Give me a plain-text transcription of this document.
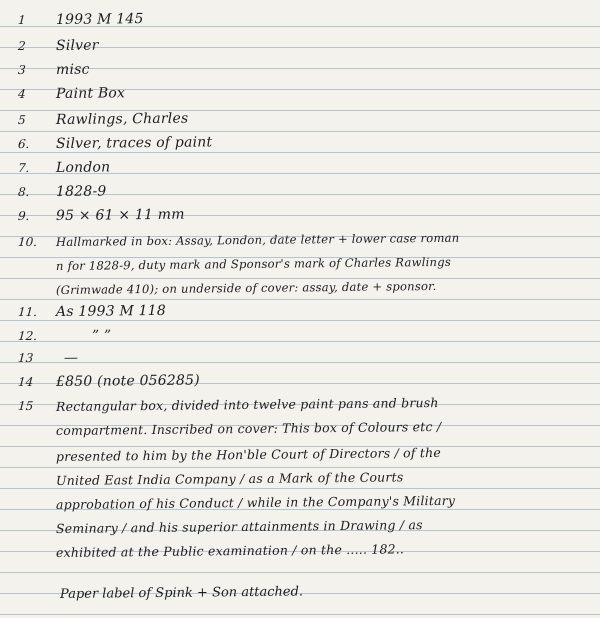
1	1993 M 145
2	Silver
3	misc
4	Paint Box
5	Rawlings, Charles
6.	Silver, traces of paint
7.	London
8.	1828-9
9.	95 × 61 × 11 mm
10.	Hallmarked in box: Assay, London, date letter + lower case roman
n for 1828-9, duty mark and Sponsor's mark of Charles Rawlings
(Grimwade 410); on underside of cover: assay, date + sponsor.
11.	As 1993 M 118
12.	” ”
13	—
14	£850 (note 056285)
15	Rectangular box, divided into twelve paint pans and brush
compartment. Inscribed on cover: This box of Colours etc /
presented to him by the Hon'ble Court of Directors / of the
United East India Company / as a Mark of the Courts
approbation of his Conduct / while in the Company's Military
Seminary / and his superior attainments in Drawing / as
exhibited at the Public examination / on the ..... 182..
Paper label of Spink + Son attached.
